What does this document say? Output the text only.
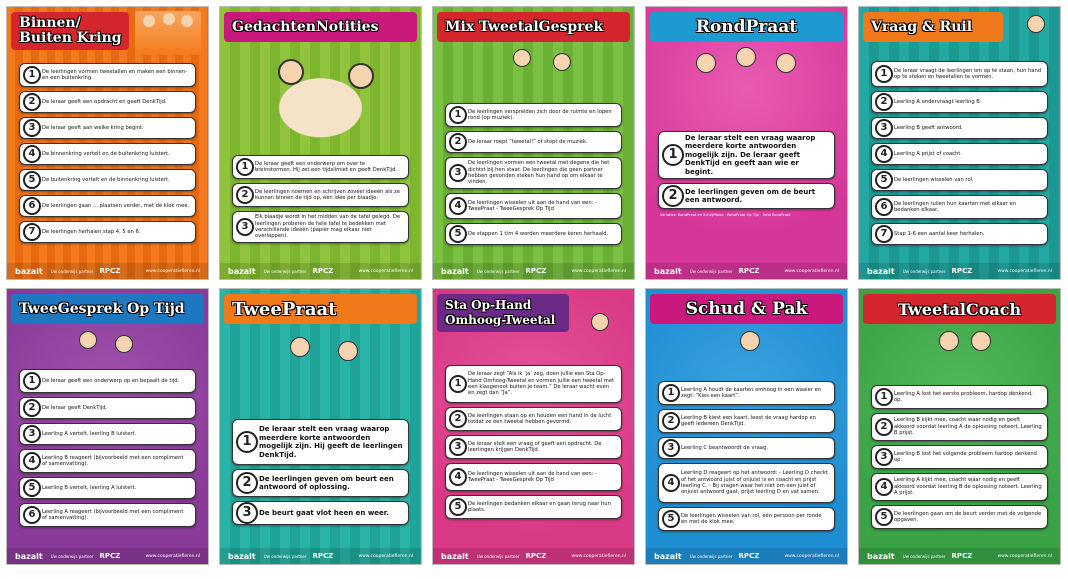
Binnen/
Buiten Kring
1	De leerlingen vormen tweetallen en maken een binnen- en een buitenkring.
2	De leraar geeft een opdracht en geeft DenkTijd.
3	De leraar geeft aan welke kring begint.
4	De binnenkring vertelt en de buitenkring luistert.
5	De buitenkring vertelt en de binnenkring luistert.
6	De leerlingen gaan ... plaatsen verder, met de klok mee.
7	De leerlingen herhalen stap 4, 5 en 6.
bazalt Uw onderwijs partner RPCZ	www.cooperatiefleren.nl
GedachtenNotities
1	De leraar geeft een onderwerp om over te breinstormen. Hij zet een tijdslimiet en geeft DenkTijd.
2	De leerlingen noemen en schrijven zoveel ideeën als ze kunnen binnen de tijd op, één idee per blaadje.
3
Elk blaadje wordt in het midden van de tafel gelegd. De leerlingen proberen de hele tafel te bedekken met verschillende ideeën (papier mag elkaar niet overlappen).
bazalt Uw onderwijs partner RPCZ	www.cooperatiefleren.nl
Mix TweetalGesprek
1	De leerlingen verspreiden zich door de ruimte en lopen rond (op muziek).
2	De leraar roept “tweetal!” of stopt de muziek.
3
De leerlingen vormen een tweetal met degene die het dichtst bij hen staat. De leerlingen die geen partner hebben gevonden steken hun hand op om elkaar te vinden.
4	De leerlingen wisselen uit aan de hand van een: - TweePraat - TweeGesprek Op Tijd
5	De stappen 1 t/m 4 worden meerdere keren herhaald.
bazalt Uw onderwijs partner RPCZ	www.cooperatiefleren.nl
RondPraat
1
De leraar stelt een vraag waarop meerdere korte antwoorden mogelijk zijn. De leraar geeft DenkTijd en geeft aan wie er begint.
2	De leerlingen geven om de beurt een antwoord.
Variaties: RondPraat en SchrijfRond · RondPraat Op Tijd · Tafel RondPraat
bazalt Uw onderwijs partner RPCZ	www.cooperatiefleren.nl
Vraag & Ruil
1	De leraar vraagt de leerlingen om op te staan, hun hand op te steken en tweetallen te vormen.
2	Leerling A ondervraagt leerling B.
3	Leerling B geeft antwoord.
4	Leerling A prijst of coacht.
5	De leerlingen wisselen van rol.
6	De leerlingen ruilen hun kaarten met elkaar en bedanken elkaar.
7	Stap 1-6 een aantal keer herhalen.
bazalt Uw onderwijs partner RPCZ	www.cooperatiefleren.nl
TweeGesprek Op Tijd
1	De leraar geeft een onderwerp op en bepaalt de tijd.
2	De leraar geeft DenkTijd.
3	Leerling A vertelt, leerling B luistert.
4	Leerling B reageert (bijvoorbeeld met een compliment of samenvatting).
5	Leerling B vertelt, leerling A luistert.
6	Leerling A reageert (bijvoorbeeld met een compliment of samenvatting).
bazalt Uw onderwijs partner RPCZ	www.cooperatiefleren.nl
TweePraat
1
De leraar stelt een vraag waarop meerdere korte antwoorden mogelijk zijn. Hij geeft de leerlingen DenkTijd.
2	De leerlingen geven om beurt een antwoord of oplossing.
3	De beurt gaat vlot heen en weer.
bazalt Uw onderwijs partner RPCZ	www.cooperatiefleren.nl
Sta Op-Hand
Omhoog-Tweetal
1
De leraar zegt “Als ik ‘ja’ zeg, doen jullie een Sta Op-Hand Omhoog-Tweetal en vormen jullie een tweetal met een klasgenoot buiten je team.” De leraar wacht even en zegt dan “Ja”.
2	De leerlingen staan op en houden een hand in de lucht totdat ze een tweetal hebben gevormd.
3	De leraar stelt een vraag of geeft een opdracht. De leerlingen krijgen DenkTijd.
4	De leerlingen wisselen uit aan de hand van een: - TweePraat - TweeGesprek Op Tijd
5	De leerlingen bedanken elkaar en gaan terug naar hun plaats.
bazalt Uw onderwijs partner RPCZ	www.cooperatiefleren.nl
Schud & Pak
1	Leerling A houdt de kaarten omhoog in een waaier en zegt: “Kies een kaart”.
2	Leerling B kiest een kaart, leest de vraag hardop en geeft iedereen DenkTijd.
3	Leerling C beantwoordt de vraag.
4
Leerling D reageert op het antwoord: - Leerling D checkt of het antwoord juist of onjuist is en coacht en prijst leerling C. - Bij vragen waar het niet om een juist of onjuist antwoord gaat, prijst leerling D en vat samen.
5	De leerlingen wisselen van rol, één persoon per ronde en met de klok mee.
bazalt Uw onderwijs partner RPCZ	www.cooperatiefleren.nl
TweetalCoach
1	Leerling A lost het eerste probleem, hardop denkend, op.
2
Leerling B kijkt mee, coacht waar nodig en geeft akkoord voordat leerling A de oplossing noteert. Leerling B prijst.
3	Leerling B lost het volgende probleem hardop denkend op.
4
Leerling A kijkt mee, coacht waar nodig en geeft akkoord voordat leerling B de oplossing noteert. Leerling A prijst.
5	De leerlingen gaan om de beurt verder met de volgende opgaven.
bazalt Uw onderwijs partner RPCZ	www.cooperatiefleren.nl
